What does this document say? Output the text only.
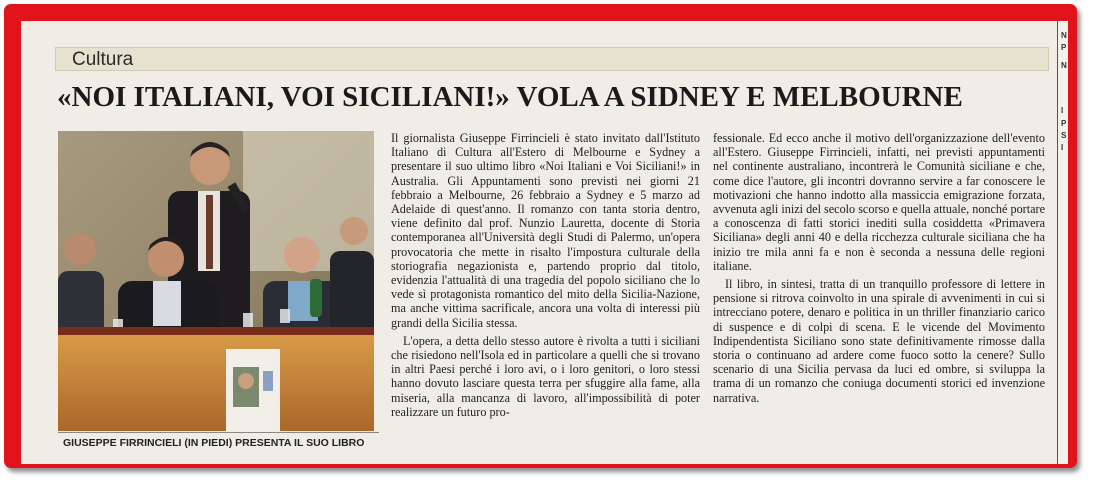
Cultura
«NOI ITALIANI, VOI SICILIANI!» VOLA A SIDNEY E MELBOURNE
GIUSEPPE FIRRINCIELI (IN PIEDI) PRESENTA IL SUO LIBRO

Il giornalista Giuseppe Firrincieli è stato invitato dall'Istituto Italiano di Cultura all'Estero di Melbourne e Sydney a presentare il suo ultimo libro «Noi Italiani e Voi Siciliani!» in Australia. Gli Appuntamenti sono previsti nei giorni 21 febbraio a Melbourne, 26 febbraio a Sydney e 5 marzo ad Adelaide di quest'anno. Il romanzo con tanta storia dentro, viene definito dal prof. Nunzio Lauretta, docente di Storia contemporanea all'Università degli Studi di Palermo, un'opera provocatoria che mette in risalto l'impostura culturale della storiografia negazionista e, partendo proprio dal titolo, evidenzia l'attualità di una tragedia del popolo siciliano che lo vede sì protagonista romantico del mito della Sicilia-Nazione, ma anche vittima sacrificale, ancora una volta di interessi più grandi della Sicilia stessa.

L'opera, a detta dello stesso autore è rivolta a tutti i siciliani che risiedono nell'Isola ed in particolare a quelli che si trovano in altri Paesi perché i loro avi, o i loro genitori, o loro stessi hanno dovuto lasciare questa terra per sfuggire alla fame, alla miseria, alla mancanza di lavoro, all'impossibilità di poter realizzare un futuro pro-

fessionale. Ed ecco anche il motivo dell'organizzazione dell'evento all'Estero. Giuseppe Firrincieli, infatti, nei previsti appuntamenti nel continente australiano, incontrerà le Comunità siciliane e che, come dice l'autore, gli incontri dovranno servire a far conoscere le motivazioni che hanno indotto alla massiccia emigrazione forzata, avvenuta agli inizi del secolo scorso e quella attuale, nonché portare a conoscenza di fatti storici inediti sulla cosiddetta «Primavera Siciliana» degli anni 40 e della ricchezza culturale siciliana che ha inizio tre mila anni fa e non è seconda a nessuna delle regioni italiane.

Il libro, in sintesi, tratta di un tranquillo professore di lettere in pensione si ritrova coinvolto in una spirale di avvenimenti in cui si intrecciano potere, denaro e politica in un thriller finanziario carico di suspence e di colpi di scena. E le vicende del Movimento Indipendentista Siciliano sono state definitivamente rimosse dalla storia o continuano ad ardere come fuoco sotto la cenere? Sullo scenario di una Sicilia pervasa da luci ed ombre, si sviluppa la trama di un romanzo che coniuga documenti storici ed invenzione narrativa.

N
P
N
I
P
S
I
